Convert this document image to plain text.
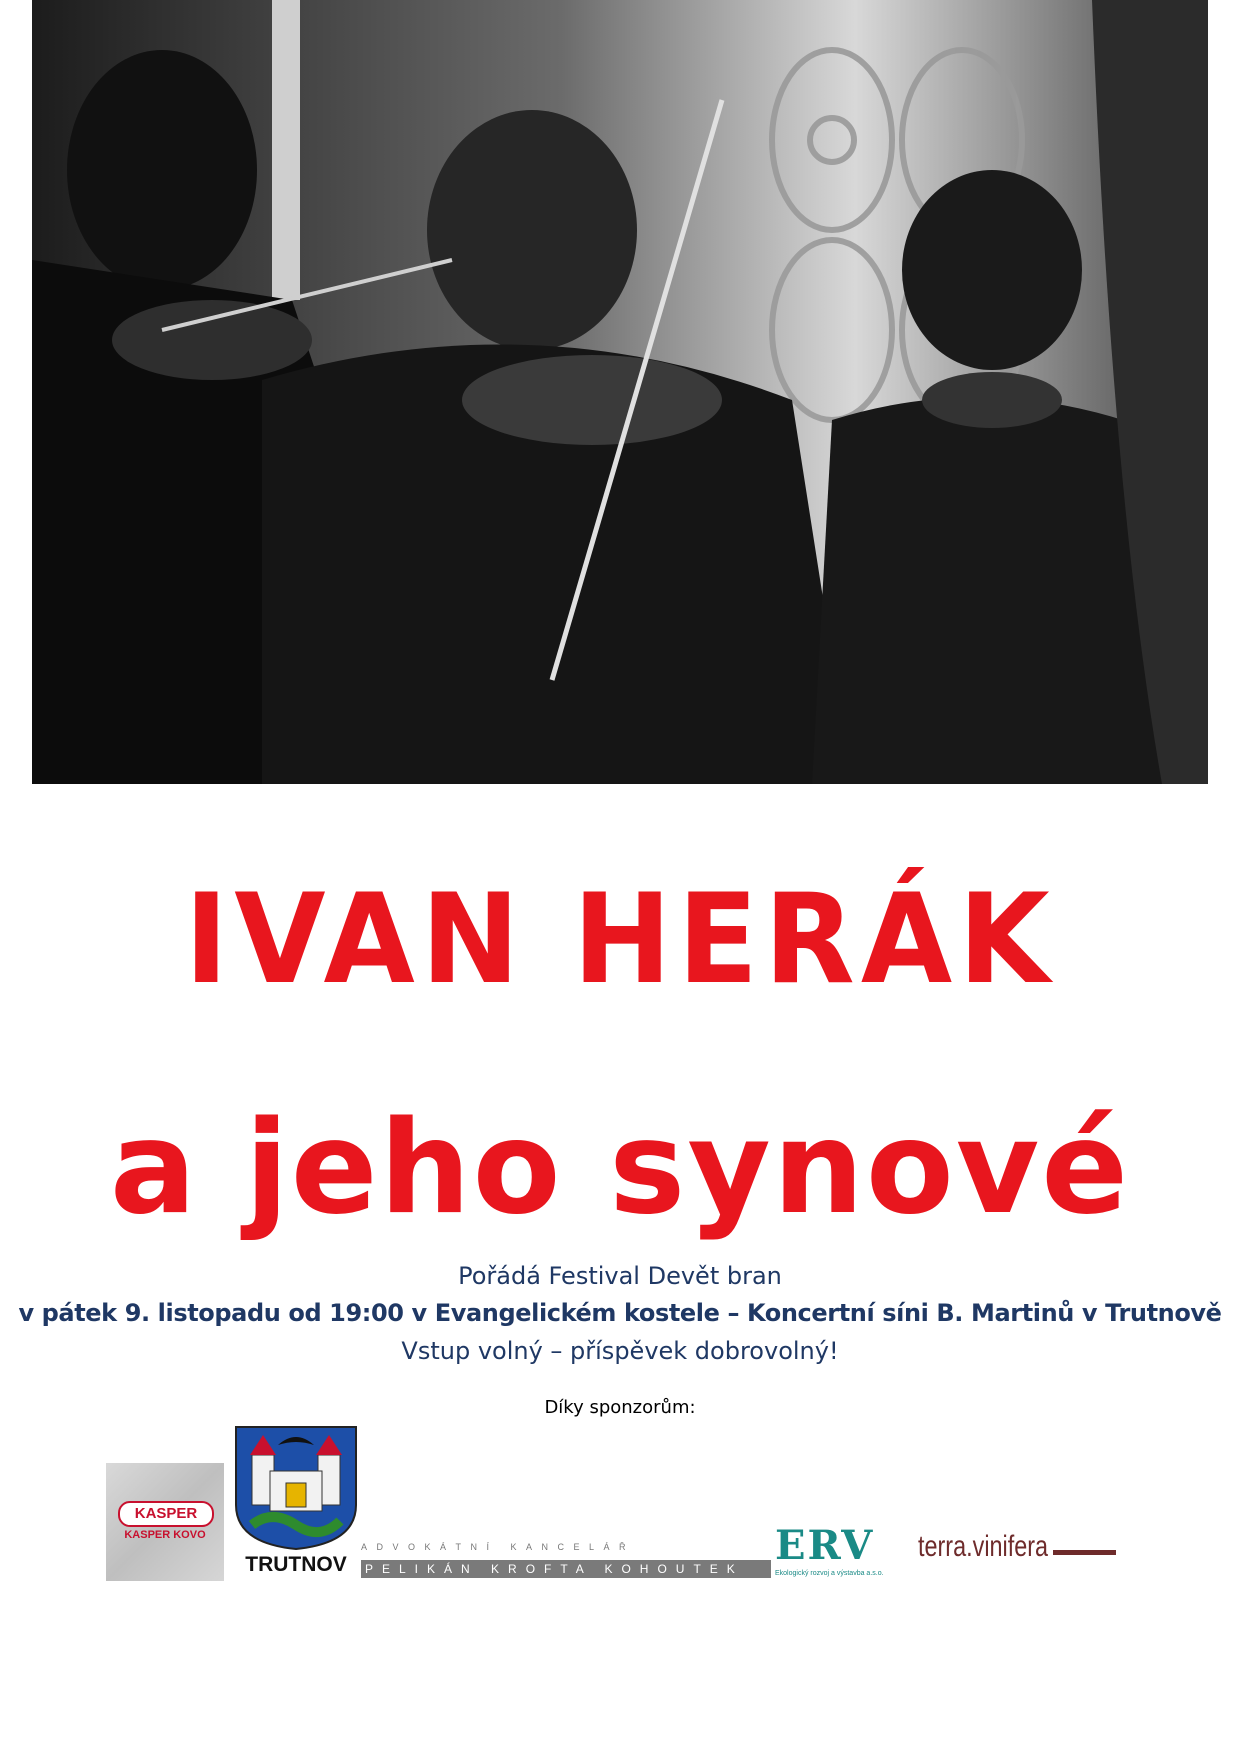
IVAN HERÁK
a jeho synové
Pořádá Festival Devět bran
v pátek 9. listopadu od 19:00 v Evangelickém kostele – Koncertní síni B. Martinů v Trutnově
Vstup volný – příspěvek dobrovolný!
Díky sponzorům:
KASPER
KASPER KOVO
TRUTNOV
ADVOKÁTNÍ KANCELÁŘ
PELIKÁN KROFTA KOHOUTEK ERV
Ekologický rozvoj a výstavba a.s.o.
terra.vinifera
